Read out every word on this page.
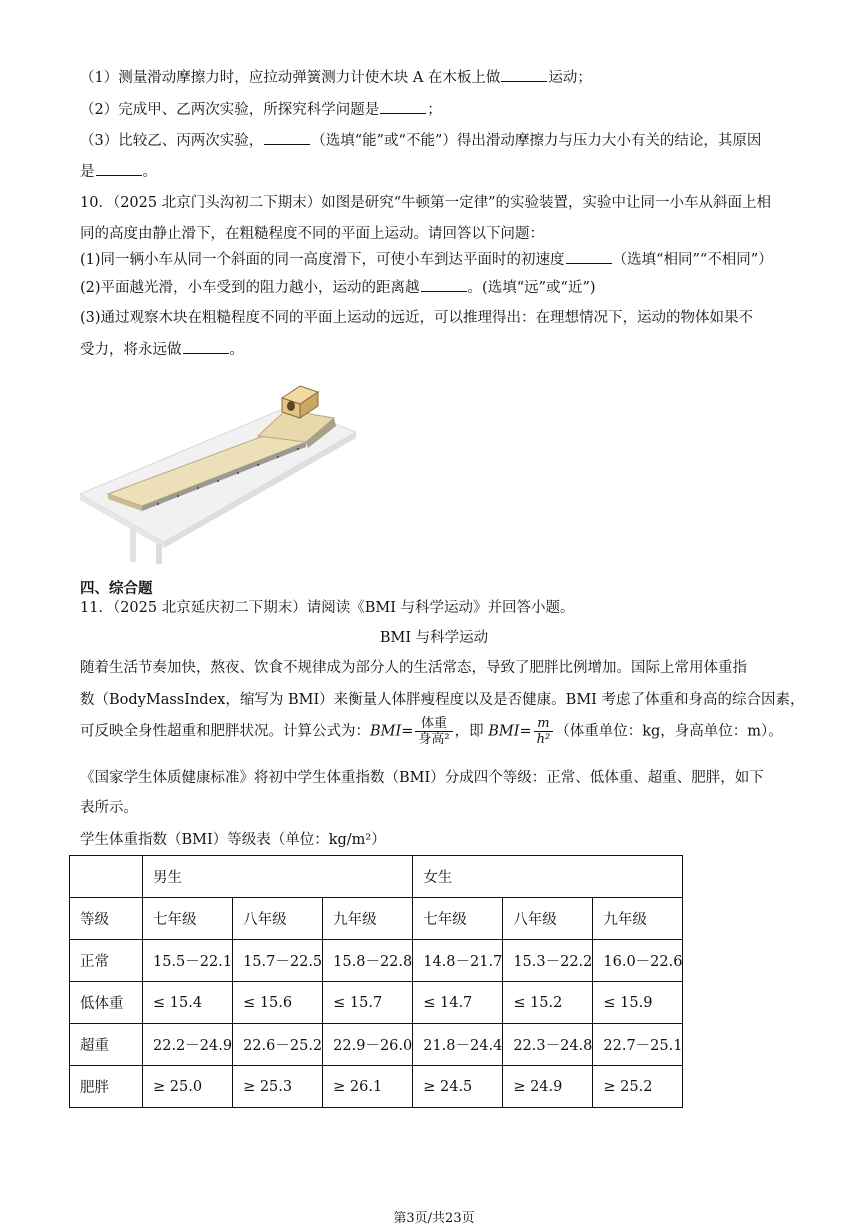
（1）测量滑动摩擦力时，应拉动弹簧测力计使木块 A 在木板上做	运动；
（2）完成甲、乙两次实验，所探究科学问题是	；
（3）比较乙、丙两次实验，	（选填“能”或“不能”）得出滑动摩擦力与压力大小有关的结论，其原因
是	。
10．（2025 北京门头沟初二下期末）如图是研究“牛顿第一定律”的实验装置，实验中让同一小车从斜面上相
同的高度由静止滑下，在粗糙程度不同的平面上运动。请回答以下问题：
(1)同一辆小车从同一个斜面的同一高度滑下，可使小车到达平面时的初速度	（选填“相同”“不相同”）
(2)平面越光滑，小车受到的阻力越小，运动的距离越	。(选填“远”或“近”)
(3)通过观察木块在粗糙程度不同的平面上运动的远近，可以推理得出：在理想情况下，运动的物体如果不
受力，将永远做	。
四、综合题
11．（2025 北京延庆初二下期末）请阅读《BMI 与科学运动》并回答小题。
BMI 与科学运动
随着生活节奏加快，熬夜、饮食不规律成为部分人的生活常态，导致了肥胖比例增加。国际上常用体重指
数（BodyMassIndex，缩写为 BMI）来衡量人体胖瘦程度以及是否健康。BMI 考虑了体重和身高的综合因素，
可反映全身性超重和肥胖状况。计算公式为：$BMI= \frac{\text{体重}}{\text{身高²}}$ ，即 $BMI= \frac{m}{\text{h²}}$ （体重单位：kg，身高单位：m）。
《国家学生体质健康标准》将初中学生体重指数（BMI）分成四个等级：正常、低体重、超重、肥胖，如下
表所示。
学生体重指数（BMI）等级表（单位：kg/m²）
	男生			女生		
等级	七年级	八年级	九年级	七年级	八年级	九年级
正常	15.5－22.1	15.7－22.5	15.8－22.8	14.8－21.7	15.3－22.2	16.0－22.6
低体重	≤ 15.4	≤ 15.6	≤ 15.7	≤ 14.7	≤ 15.2	≤ 15.9
超重	22.2－24.9	22.6－25.2	22.9－26.0	21.8－24.4	22.3－24.8	22.7－25.1
肥胖	≥ 25.0	≥ 25.3	≥ 26.1	≥ 24.5	≥ 24.9	≥ 25.2
第3页/共23页
